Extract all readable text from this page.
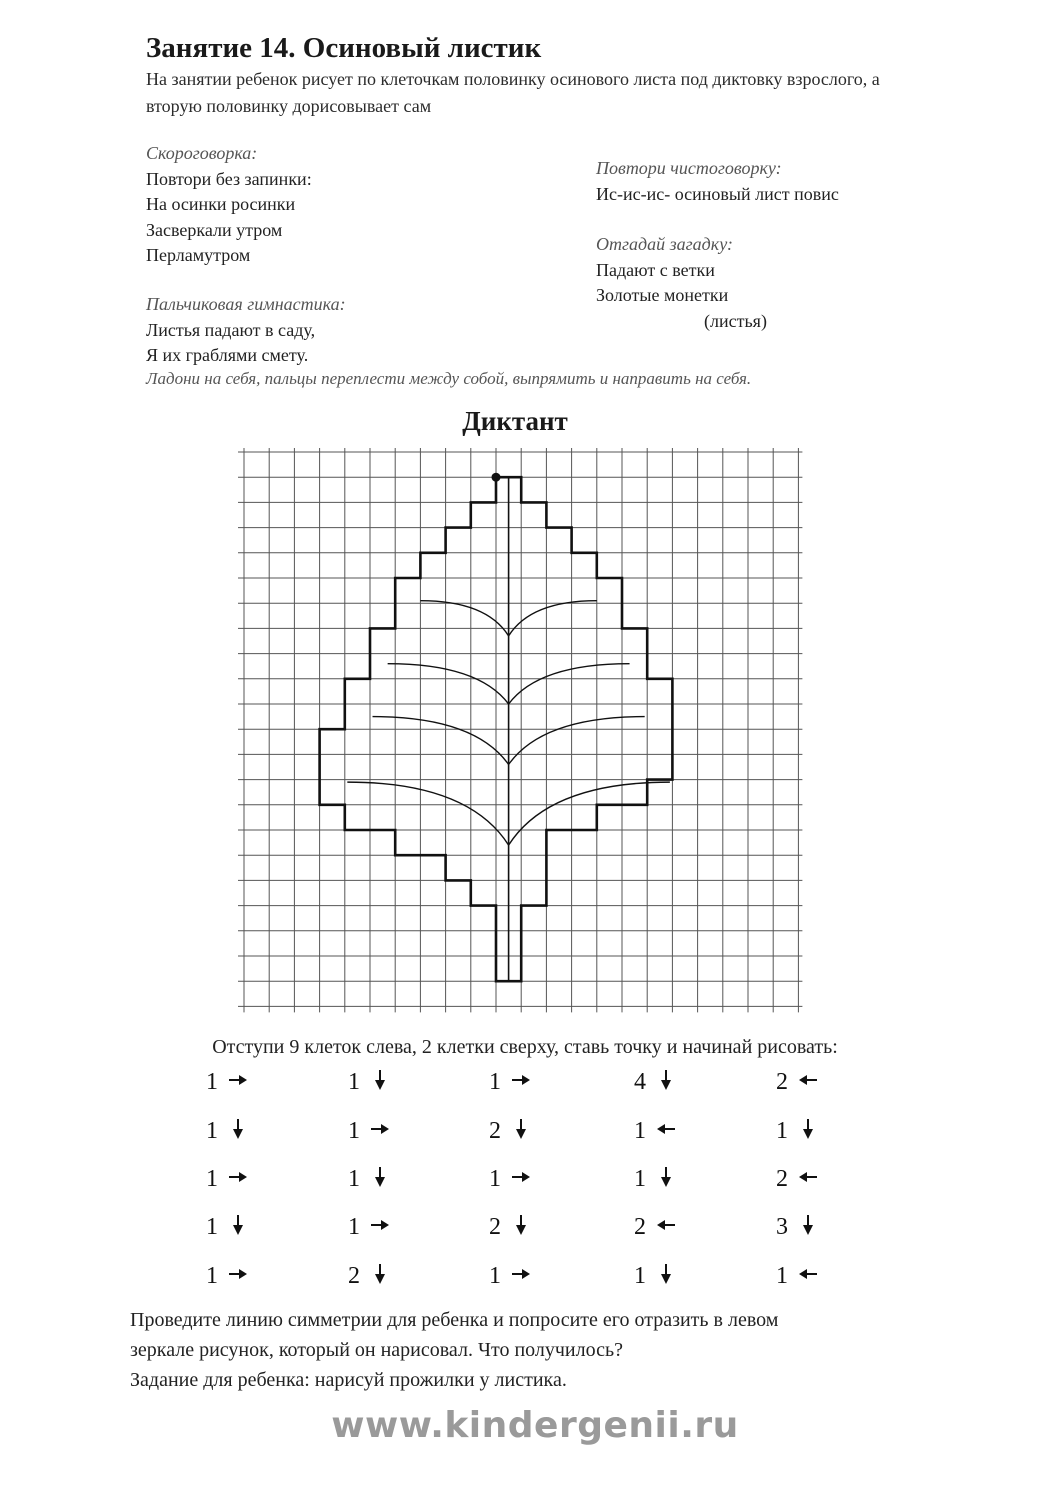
Занятие 14. Осиновый листик
На занятии ребенок рисует по клеточкам половинку осинового листа под диктовку взрослого, а вторую половинку дорисовывает сам
Скороговорка:
Повтори без запинки:
На осинки росинки
Засверкали утром
Перламутром
Пальчиковая гимнастика:
Листья падают в саду,
Я их граблями смету.
Ладони на себя, пальцы переплести между собой, выпрямить и направить на себя.
Повтори чистоговорку:
Ис-ис-ис- осиновый лист повис
Отгадай загадку:
Падают с ветки
Золотые монетки
(листья)
Диктант
Отступи 9 клеток слева, 2 клетки сверху, ставь точку и начинай рисовать:
1
1
1
1
1
1
1
1
1
2
1
2
1
2
1
4
1
1
2
1
2
1
2
3
1
Проведите линию симметрии для ребенка и попросите его отразить в левом
зеркале рисунок, который он нарисовал. Что получилось?
Задание для ребенка: нарисуй прожилки у листика.
www.kindergenii.ru
